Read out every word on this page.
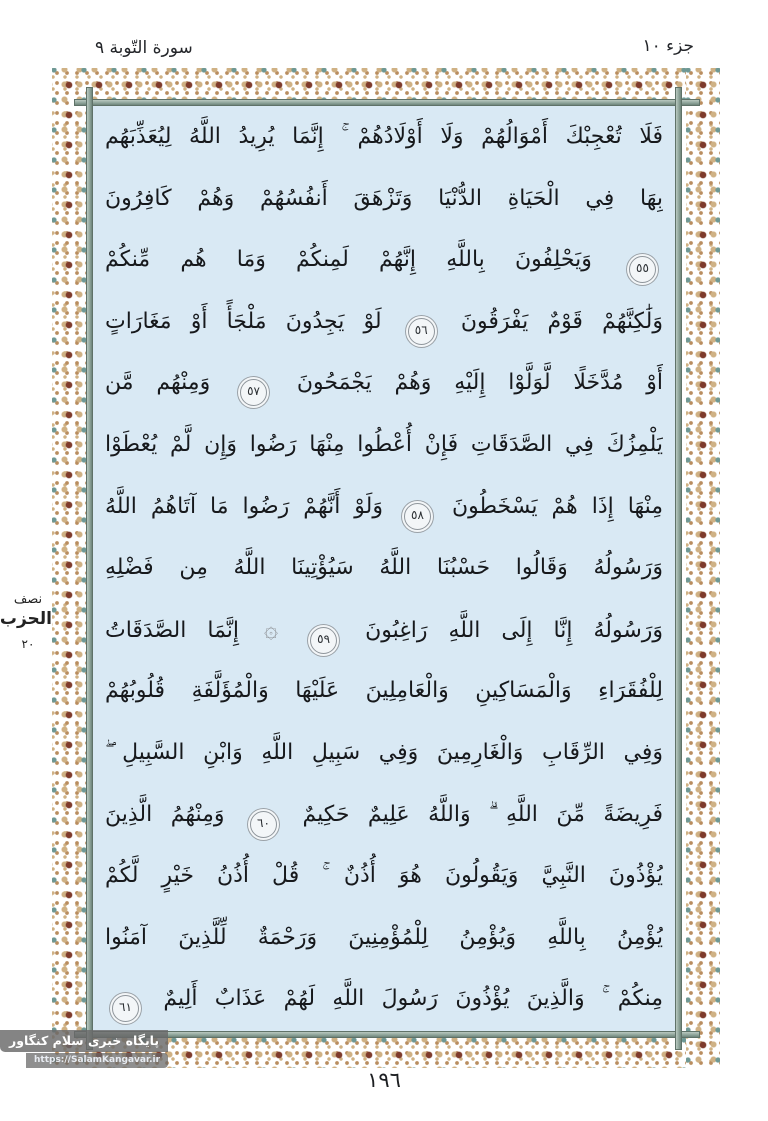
جزء ١٠
سورة التّوبة ٩
فَلَا تُعْجِبْكَ أَمْوَالُهُمْ وَلَا أَوْلَادُهُمْ ۚ إِنَّمَا يُرِيدُ اللَّهُ لِيُعَذِّبَهُم
بِهَا فِي الْحَيَاةِ الدُّنْيَا وَتَزْهَقَ أَنفُسُهُمْ وَهُمْ كَافِرُونَ
٥٥ وَيَحْلِفُونَ بِاللَّهِ إِنَّهُمْ لَمِنكُمْ وَمَا هُم مِّنكُمْ
وَلَٰكِنَّهُمْ قَوْمٌ يَفْرَقُونَ ٥٦ لَوْ يَجِدُونَ مَلْجَأً أَوْ مَغَارَاتٍ
أَوْ مُدَّخَلًا لَّوَلَّوْا إِلَيْهِ وَهُمْ يَجْمَحُونَ ٥٧ وَمِنْهُم مَّن
يَلْمِزُكَ فِي الصَّدَقَاتِ فَإِنْ أُعْطُوا مِنْهَا رَضُوا وَإِن لَّمْ يُعْطَوْا
مِنْهَا إِذَا هُمْ يَسْخَطُونَ ٥٨ وَلَوْ أَنَّهُمْ رَضُوا مَا آتَاهُمُ اللَّهُ
وَرَسُولُهُ وَقَالُوا حَسْبُنَا اللَّهُ سَيُؤْتِينَا اللَّهُ مِن فَضْلِهِ
وَرَسُولُهُ إِنَّا إِلَى اللَّهِ رَاغِبُونَ ٥٩ ۞ إِنَّمَا الصَّدَقَاتُ
لِلْفُقَرَاءِ وَالْمَسَاكِينِ وَالْعَامِلِينَ عَلَيْهَا وَالْمُؤَلَّفَةِ قُلُوبُهُمْ
وَفِي الرِّقَابِ وَالْغَارِمِينَ وَفِي سَبِيلِ اللَّهِ وَابْنِ السَّبِيلِ ۖ
فَرِيضَةً مِّنَ اللَّهِ ۗ وَاللَّهُ عَلِيمٌ حَكِيمٌ ٦٠ وَمِنْهُمُ الَّذِينَ
يُؤْذُونَ النَّبِيَّ وَيَقُولُونَ هُوَ أُذُنٌ ۚ قُلْ أُذُنُ خَيْرٍ لَّكُمْ
يُؤْمِنُ بِاللَّهِ وَيُؤْمِنُ لِلْمُؤْمِنِينَ وَرَحْمَةٌ لِّلَّذِينَ آمَنُوا
مِنكُمْ ۚ وَالَّذِينَ يُؤْذُونَ رَسُولَ اللَّهِ لَهُمْ عَذَابٌ أَلِيمٌ ٦١
نصف
الحزب
٢٠
١٩٦
پایگاه خبری سلام کنگاور
https://SalamKangavar.ir
